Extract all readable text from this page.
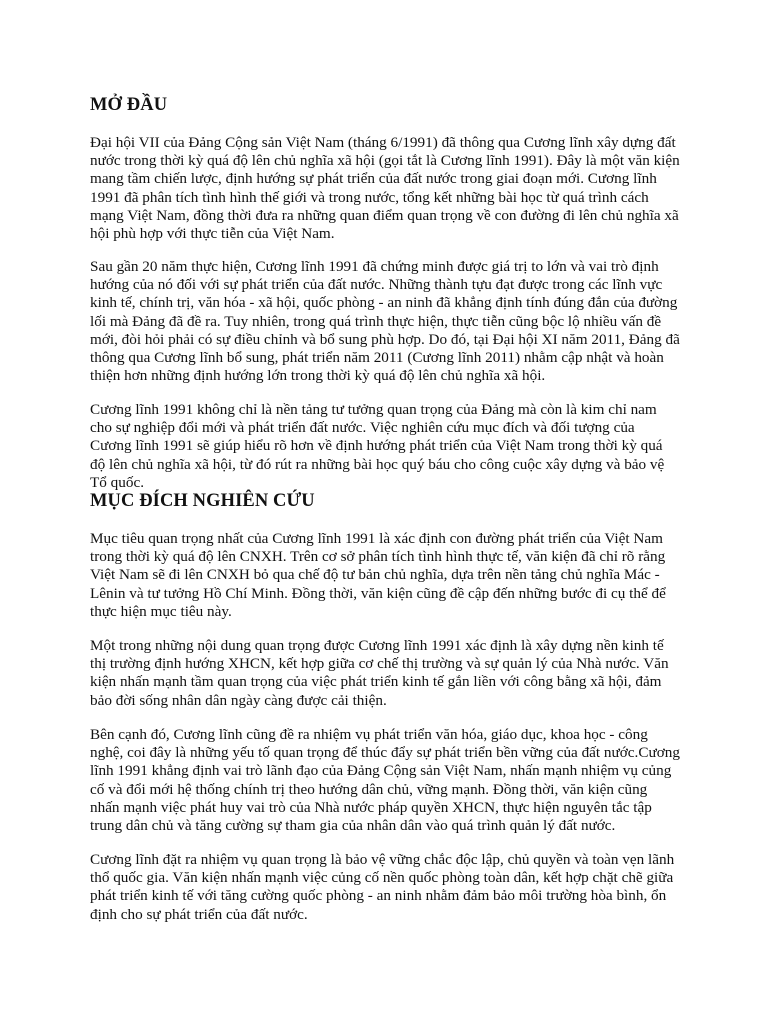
MỞ ĐẦU

Đại hội VII của Đảng Cộng sản Việt Nam (tháng 6/1991) đã thông qua Cương lĩnh xây dựng đất nước trong thời kỳ quá độ lên chủ nghĩa xã hội (gọi tắt là Cương lĩnh 1991). Đây là một văn kiện mang tầm chiến lược, định hướng sự phát triển của đất nước trong giai đoạn mới. Cương lĩnh 1991 đã phân tích tình hình thế giới và trong nước, tổng kết những bài học từ quá trình cách mạng Việt Nam, đồng thời đưa ra những quan điểm quan trọng về con đường đi lên chủ nghĩa xã hội phù hợp với thực tiễn của Việt Nam.

Sau gần 20 năm thực hiện, Cương lĩnh 1991 đã chứng minh được giá trị to lớn và vai trò định hướng của nó đối với sự phát triển của đất nước. Những thành tựu đạt được trong các lĩnh vực kinh tế, chính trị, văn hóa - xã hội, quốc phòng - an ninh đã khẳng định tính đúng đắn của đường lối mà Đảng đã đề ra. Tuy nhiên, trong quá trình thực hiện, thực tiễn cũng bộc lộ nhiều vấn đề mới, đòi hỏi phải có sự điều chỉnh và bổ sung phù hợp. Do đó, tại Đại hội XI năm 2011, Đảng đã thông qua Cương lĩnh bổ sung, phát triển năm 2011 (Cương lĩnh 2011) nhằm cập nhật và hoàn thiện hơn những định hướng lớn trong thời kỳ quá độ lên chủ nghĩa xã hội.

Cương lĩnh 1991 không chỉ là nền tảng tư tưởng quan trọng của Đảng mà còn là kim chỉ nam cho sự nghiệp đổi mới và phát triển đất nước. Việc nghiên cứu mục đích và đối tượng của Cương lĩnh 1991 sẽ giúp hiểu rõ hơn về định hướng phát triển của Việt Nam trong thời kỳ quá độ lên chủ nghĩa xã hội, từ đó rút ra những bài học quý báu cho công cuộc xây dựng và bảo vệ Tổ quốc.

MỤC ĐÍCH NGHIÊN CỨU

Mục tiêu quan trọng nhất của Cương lĩnh 1991 là xác định con đường phát triển của Việt Nam trong thời kỳ quá độ lên CNXH. Trên cơ sở phân tích tình hình thực tế, văn kiện đã chỉ rõ rằng Việt Nam sẽ đi lên CNXH bỏ qua chế độ tư bản chủ nghĩa, dựa trên nền tảng chủ nghĩa Mác - Lênin và tư tưởng Hồ Chí Minh. Đồng thời, văn kiện cũng đề cập đến những bước đi cụ thể để thực hiện mục tiêu này.

Một trong những nội dung quan trọng được Cương lĩnh 1991 xác định là xây dựng nền kinh tế thị trường định hướng XHCN, kết hợp giữa cơ chế thị trường và sự quản lý của Nhà nước. Văn kiện nhấn mạnh tầm quan trọng của việc phát triển kinh tế gắn liền với công bằng xã hội, đảm bảo đời sống nhân dân ngày càng được cải thiện.

Bên cạnh đó, Cương lĩnh cũng đề ra nhiệm vụ phát triển văn hóa, giáo dục, khoa học - công nghệ, coi đây là những yếu tố quan trọng để thúc đẩy sự phát triển bền vững của đất nước.Cương lĩnh 1991 khẳng định vai trò lãnh đạo của Đảng Cộng sản Việt Nam, nhấn mạnh nhiệm vụ củng cố và đổi mới hệ thống chính trị theo hướng dân chủ, vững mạnh. Đồng thời, văn kiện cũng nhấn mạnh việc phát huy vai trò của Nhà nước pháp quyền XHCN, thực hiện nguyên tắc tập trung dân chủ và tăng cường sự tham gia của nhân dân vào quá trình quản lý đất nước.

Cương lĩnh đặt ra nhiệm vụ quan trọng là bảo vệ vững chắc độc lập, chủ quyền và toàn vẹn lãnh thổ quốc gia. Văn kiện nhấn mạnh việc củng cố nền quốc phòng toàn dân, kết hợp chặt chẽ giữa phát triển kinh tế với tăng cường quốc phòng - an ninh nhằm đảm bảo môi trường hòa bình, ổn định cho sự phát triển của đất nước.
